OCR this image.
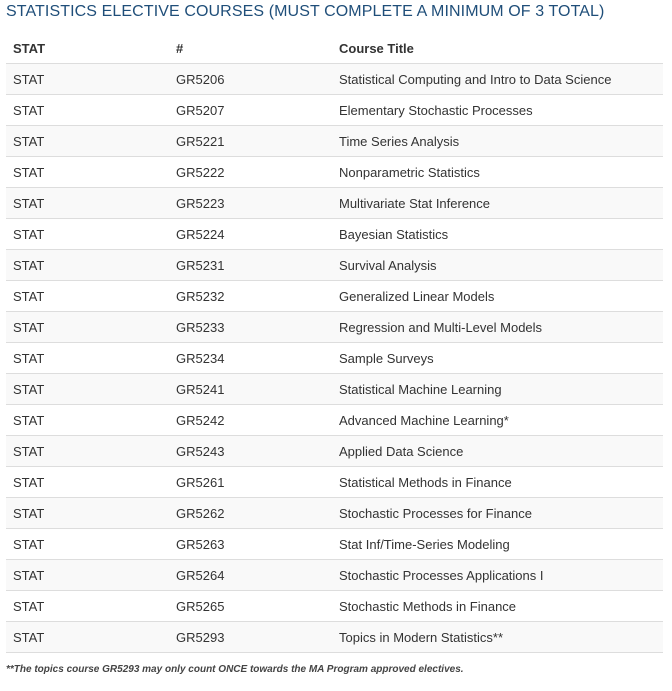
STATISTICS ELECTIVE COURSES (MUST COMPLETE A MINIMUM OF 3 TOTAL)
STAT	#	Course Title
STAT	GR5206	Statistical Computing and Intro to Data Science
STAT	GR5207	Elementary Stochastic Processes
STAT	GR5221	Time Series Analysis
STAT	GR5222	Nonparametric Statistics
STAT	GR5223	Multivariate Stat Inference
STAT	GR5224	Bayesian Statistics
STAT	GR5231	Survival Analysis
STAT	GR5232	Generalized Linear Models
STAT	GR5233	Regression and Multi-Level Models
STAT	GR5234	Sample Surveys
STAT	GR5241	Statistical Machine Learning
STAT	GR5242	Advanced Machine Learning*
STAT	GR5243	Applied Data Science
STAT	GR5261	Statistical Methods in Finance
STAT	GR5262	Stochastic Processes for Finance
STAT	GR5263	Stat Inf/Time-Series Modeling
STAT	GR5264	Stochastic Processes Applications I
STAT	GR5265	Stochastic Methods in Finance
STAT	GR5293	Topics in Modern Statistics**
**The topics course GR5293 may only count ONCE towards the MA Program approved electives.
